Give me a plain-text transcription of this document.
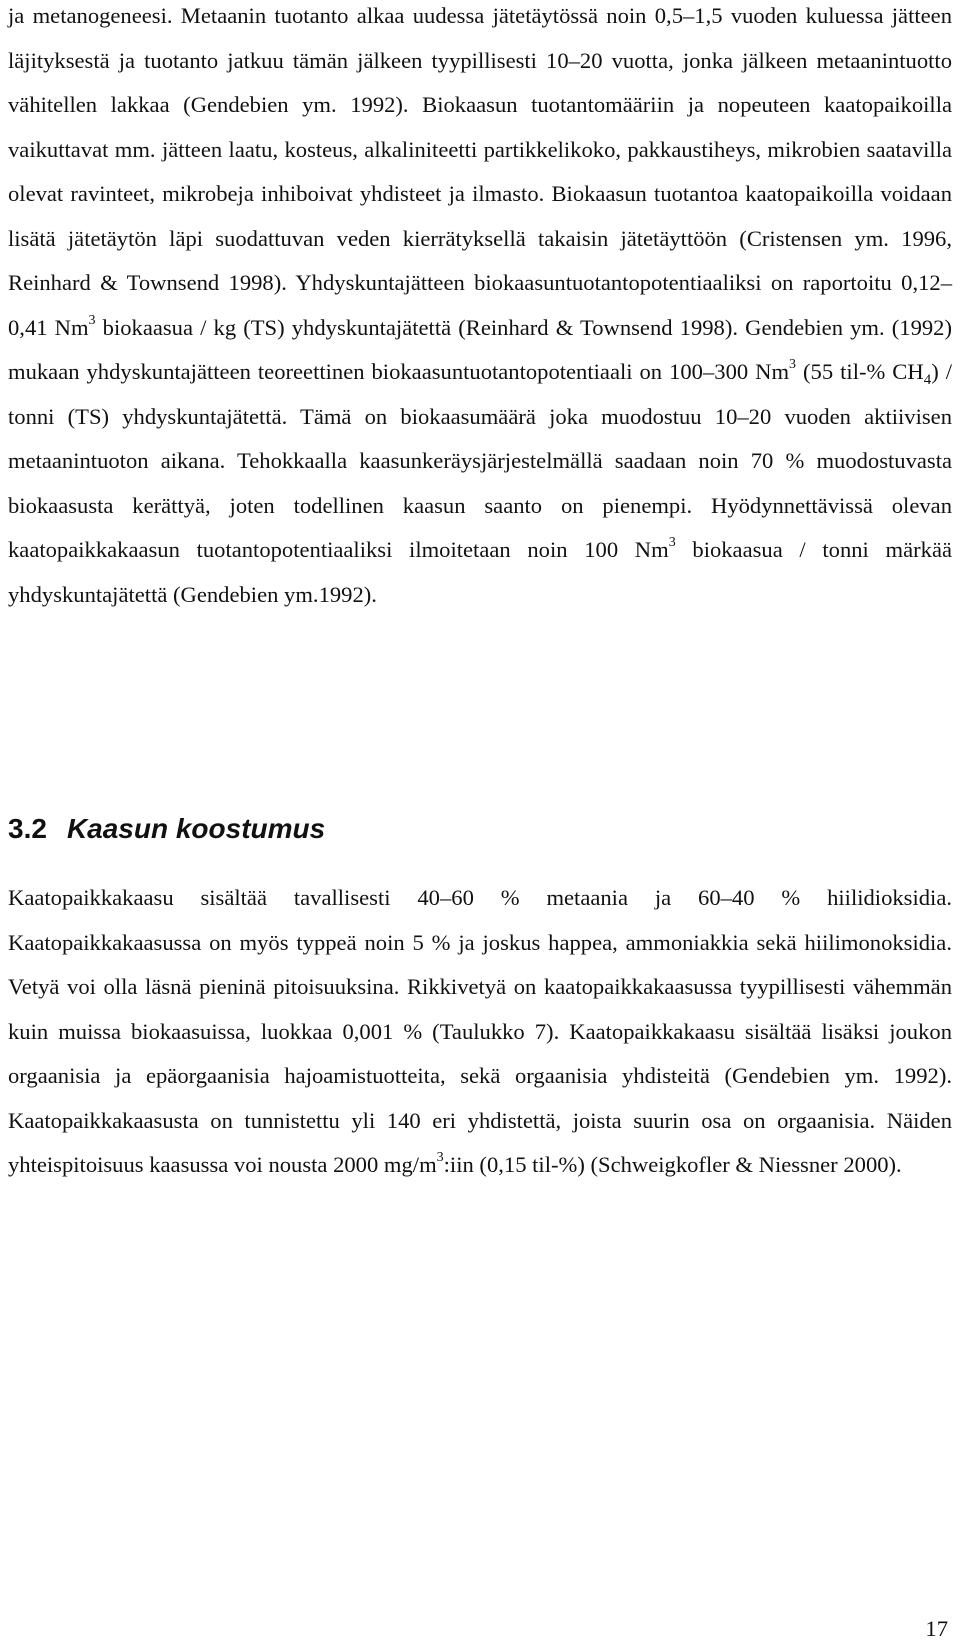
ja metanogeneesi. Metaanin tuotanto alkaa uudessa jätetäytössä noin 0,5–1,5 vuoden kuluessa jätteen läjityksestä ja tuotanto jatkuu tämän jälkeen tyypillisesti 10–20 vuotta, jonka jälkeen metaanintuotto vähitellen lakkaa (Gendebien ym. 1992). Biokaasun tuotantomääriin ja nopeuteen kaatopaikoilla vaikuttavat mm. jätteen laatu, kosteus, alkaliniteetti partikkelikoko, pakkaustiheys, mikrobien saatavilla olevat ravinteet, mikrobeja inhiboivat yhdisteet ja ilmasto. Biokaasun tuotantoa kaatopaikoilla voidaan lisätä jätetäytön läpi suodattuvan veden kierrätyksellä takaisin jätetäyttöön (Cristensen ym. 1996, Reinhard & Townsend 1998). Yhdyskuntajätteen biokaasuntuotantopotentiaaliksi on raportoitu 0,12–0,41 Nm$^3$ biokaasua / kg (TS) yhdyskuntajätettä (Reinhard & Townsend 1998). Gendebien ym. (1992) mukaan yhdyskuntajätteen teoreettinen biokaasuntuotantopotentiaali on 100–300 Nm$^3$ (55 til-% $CH_4$) / tonni (TS) yhdyskuntajätettä. Tämä on biokaasumäärä joka muodostuu 10–20 vuoden aktiivisen metaanintuoton aikana. Tehokkaalla kaasunkeräysjärjestelmällä saadaan noin 70 % muodostuvasta biokaasusta kerättyä, joten todellinen kaasun saanto on pienempi. Hyödynnettävissä olevan kaatopaikkakaasun tuotantopotentiaaliksi ilmoitetaan noin 100 Nm$^3$ biokaasua / tonni märkää yhdyskuntajätettä (Gendebien ym.1992).

3.2 Kaasun koostumus

Kaatopaikkakaasu sisältää tavallisesti 40–60 % metaania ja 60–40 % hiilidioksidia. Kaatopaikkakaasussa on myös typpeä noin 5 % ja joskus happea, ammoniakkia sekä hiilimonoksidia. Vetyä voi olla läsnä pieninä pitoisuuksina. Rikkivetyä on kaatopaikkakaasussa tyypillisesti vähemmän kuin muissa biokaasuissa, luokkaa 0,001 % (Taulukko 7). Kaatopaikkakaasu sisältää lisäksi joukon orgaanisia ja epäorgaanisia hajoamistuotteita, sekä orgaanisia yhdisteitä (Gendebien ym. 1992). Kaatopaikkakaasusta on tunnistettu yli 140 eri yhdistettä, joista suurin osa on orgaanisia. Näiden yhteispitoisuus kaasussa voi nousta 2000 $mg/m^3:iin$ (0,15 til-%) (Schweigkofler & Niessner 2000).

17
